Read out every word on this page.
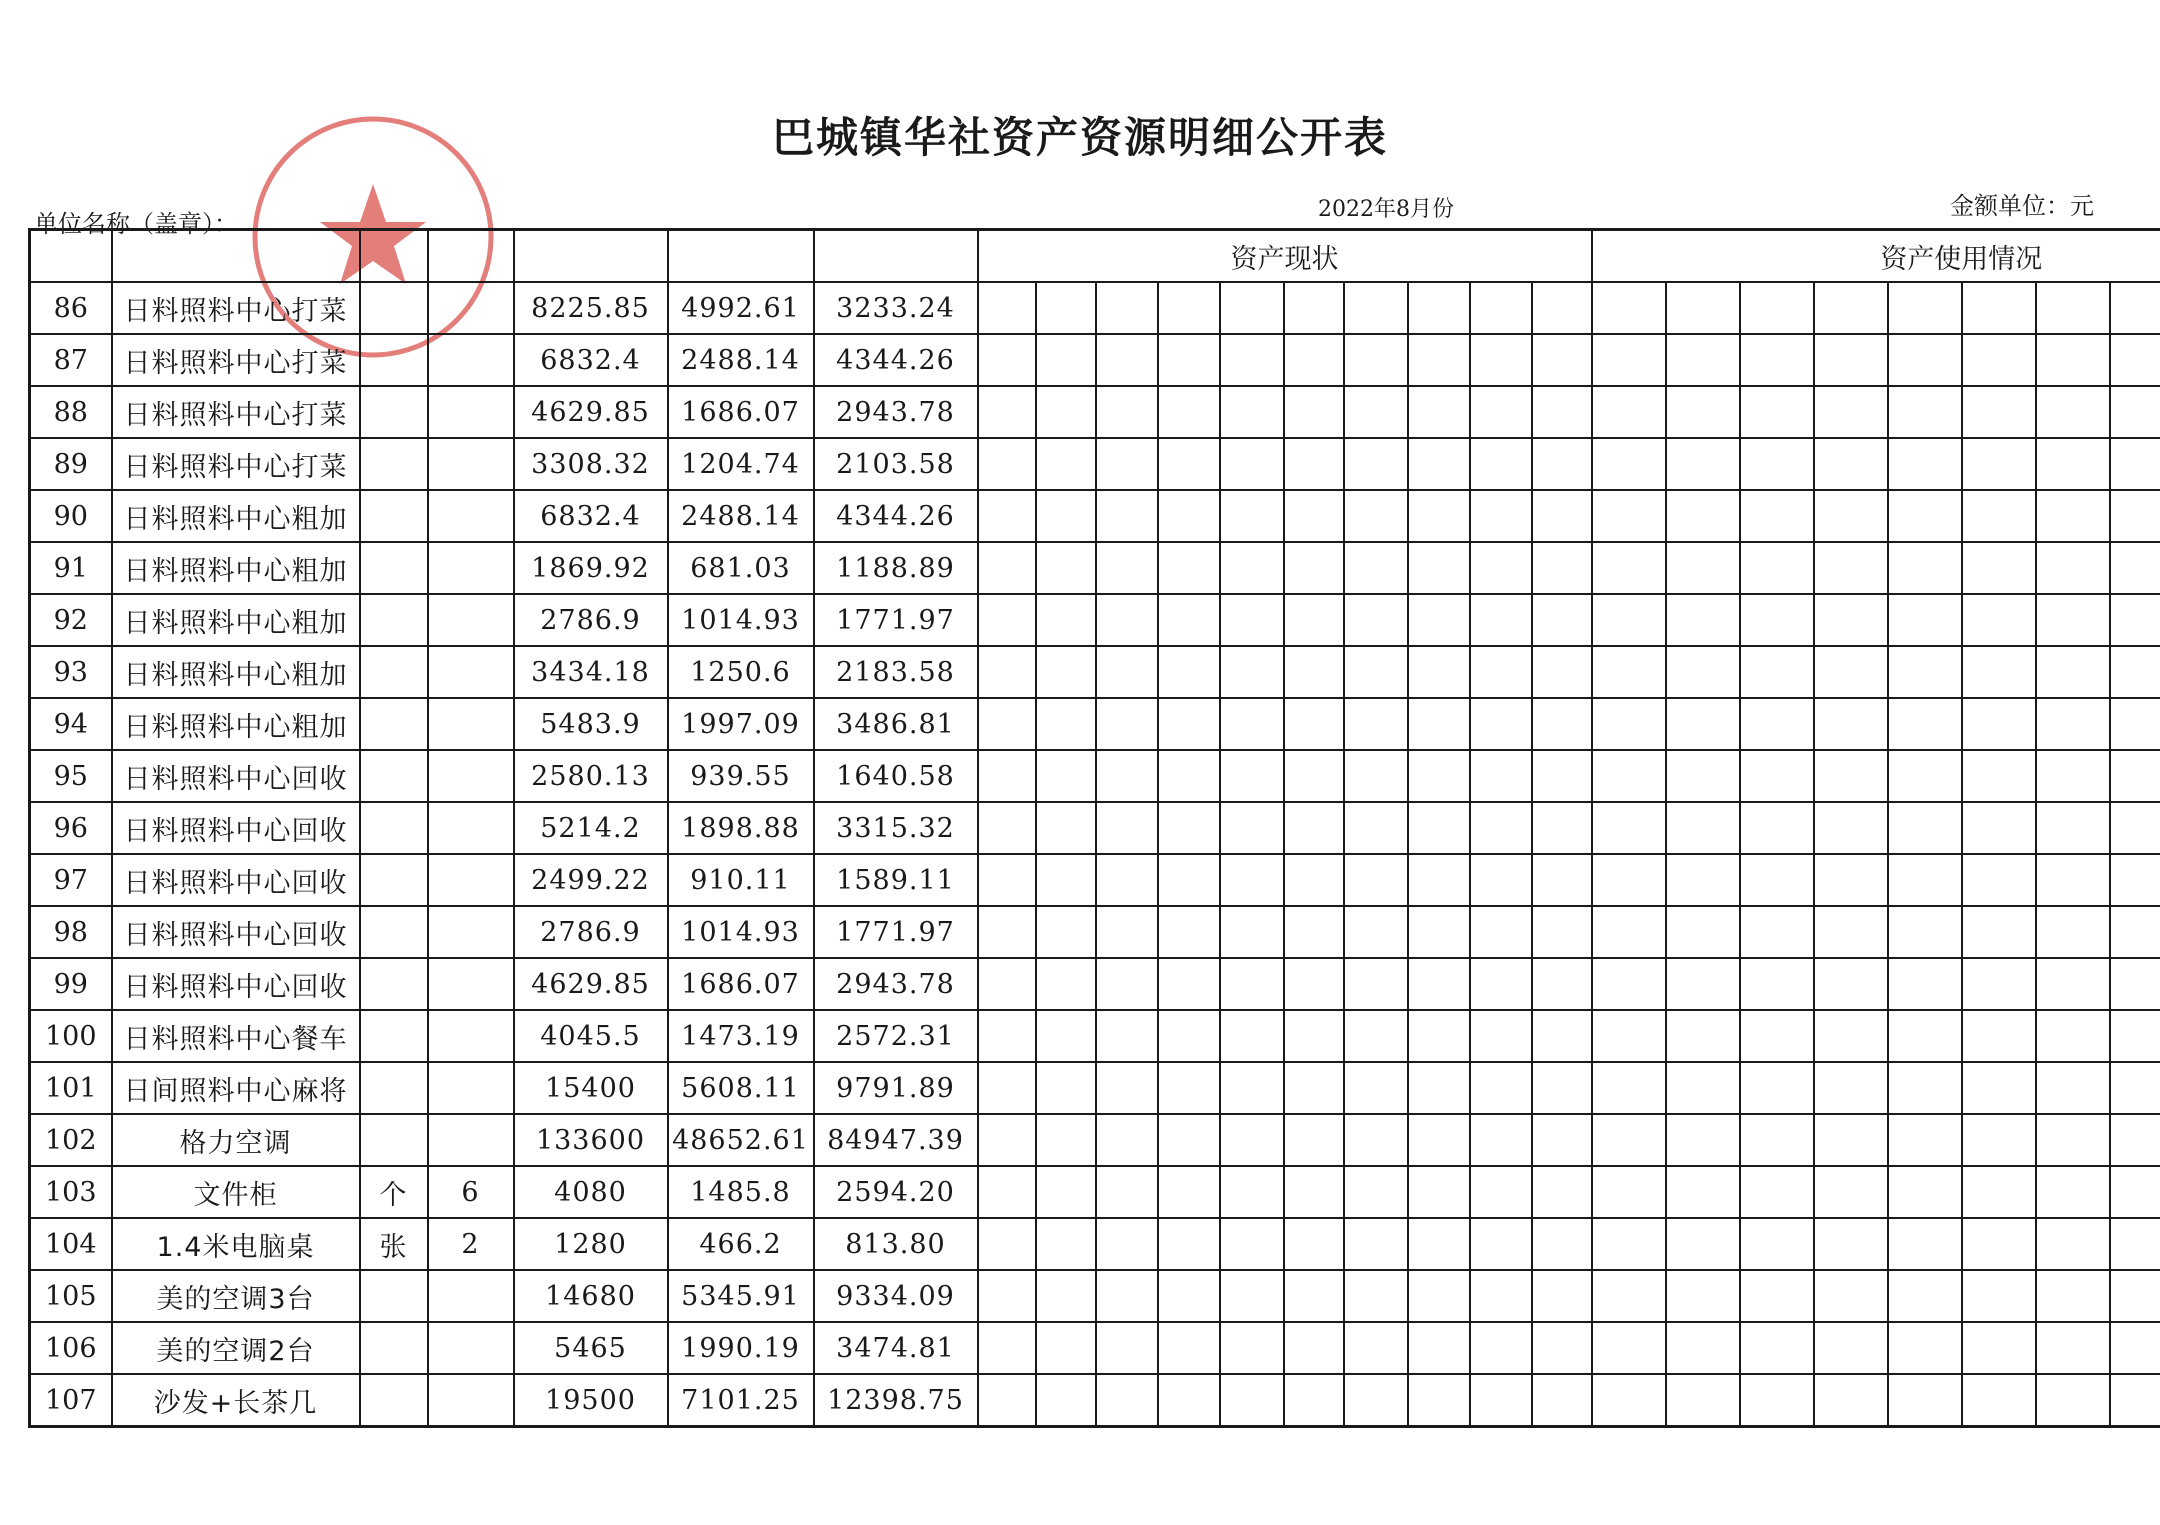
巴城镇华社资产资源明细公开表
单位名称（盖章）：
2022年8月份	金额单位：元
							资产现状										资产使用情况									
86	日料照料中心打菜			8225.85	4992.61	3233.24																				
87	日料照料中心打菜			6832.4	2488.14	4344.26																				
88	日料照料中心打菜			4629.85	1686.07	2943.78																				
89	日料照料中心打菜			3308.32	1204.74	2103.58																				
90	日料照料中心粗加			6832.4	2488.14	4344.26																				
91	日料照料中心粗加			1869.92	681.03	1188.89																				
92	日料照料中心粗加			2786.9	1014.93	1771.97																				
93	日料照料中心粗加			3434.18	1250.6	2183.58																				
94	日料照料中心粗加			5483.9	1997.09	3486.81																				
95	日料照料中心回收			2580.13	939.55	1640.58																				
96	日料照料中心回收			5214.2	1898.88	3315.32																				
97	日料照料中心回收			2499.22	910.11	1589.11																				
98	日料照料中心回收			2786.9	1014.93	1771.97																				
99	日料照料中心回收			4629.85	1686.07	2943.78																				
100	日料照料中心餐车			4045.5	1473.19	2572.31																				
101	日间照料中心麻将			15400	5608.11	9791.89																				
102	格力空调			133600	48652.61	84947.39																				
103	文件柜	个	6	4080	1485.8	2594.20																				
104	1.4米电脑桌	张	2	1280	466.2	813.80																				
105	美的空调3台			14680	5345.91	9334.09																				
106	美的空调2台			5465	1990.19	3474.81																				
107	沙发+长茶几			19500	7101.25	12398.75																				
